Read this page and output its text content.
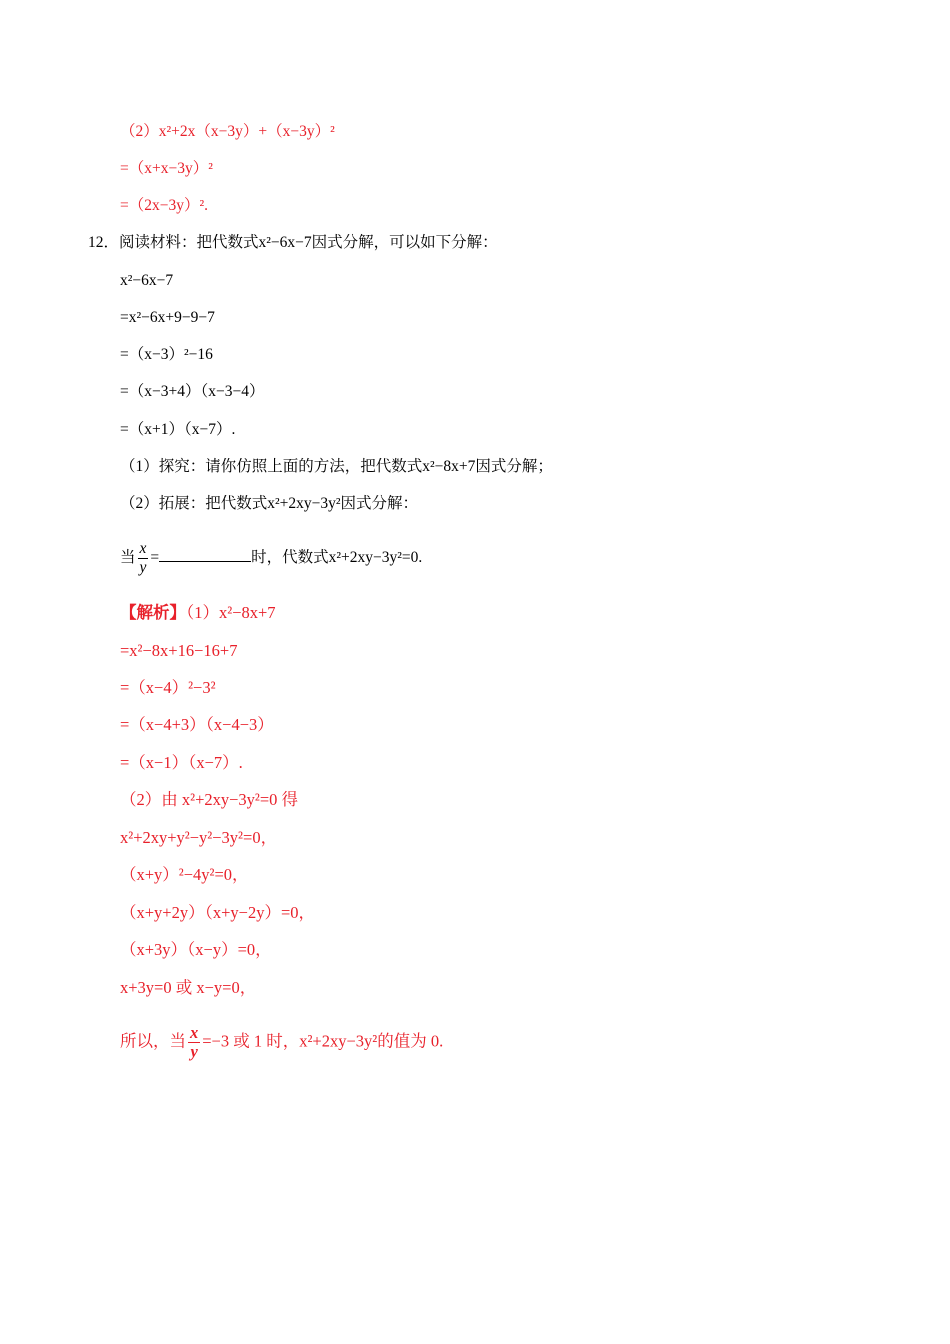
（2）x²+2x（x−3y）+（x−3y）²
=（x+x−3y）²
=（2x−3y）².
12．阅读材料：把代数式x²−6x−7因式分解，可以如下分解：
x²−6x−7
=x²−6x+9−9−7
=（x−3）²−16
=（x−3+4）（x−3−4）
=（x+1）（x−7）.
（1）探究：请你仿照上面的方法，把代数式x²−8x+7因式分解；
（2）拓展：把代数式x²+2xy−3y²因式分解：
当 $\frac{x}{y}$ =	时，代数式x²+2xy−3y²=0.
【解析】（1）x²−8x+7
=x²−8x+16−16+7
=（x−4）²−3²
=（x−4+3）（x−4−3）
=（x−1）（x−7）.
（2）由 x²+2xy−3y²=0 得
x²+2xy+y²−y²−3y²=0，
（x+y）²−4y²=0，
（x+y+2y）（x+y−2y）=0，
（x+3y）（x−y）=0，
x+3y=0 或 x−y=0，
所以，当 $\frac{x}{y} =-3$ 或 1 时，x²+2xy−3y²的值为 0.
